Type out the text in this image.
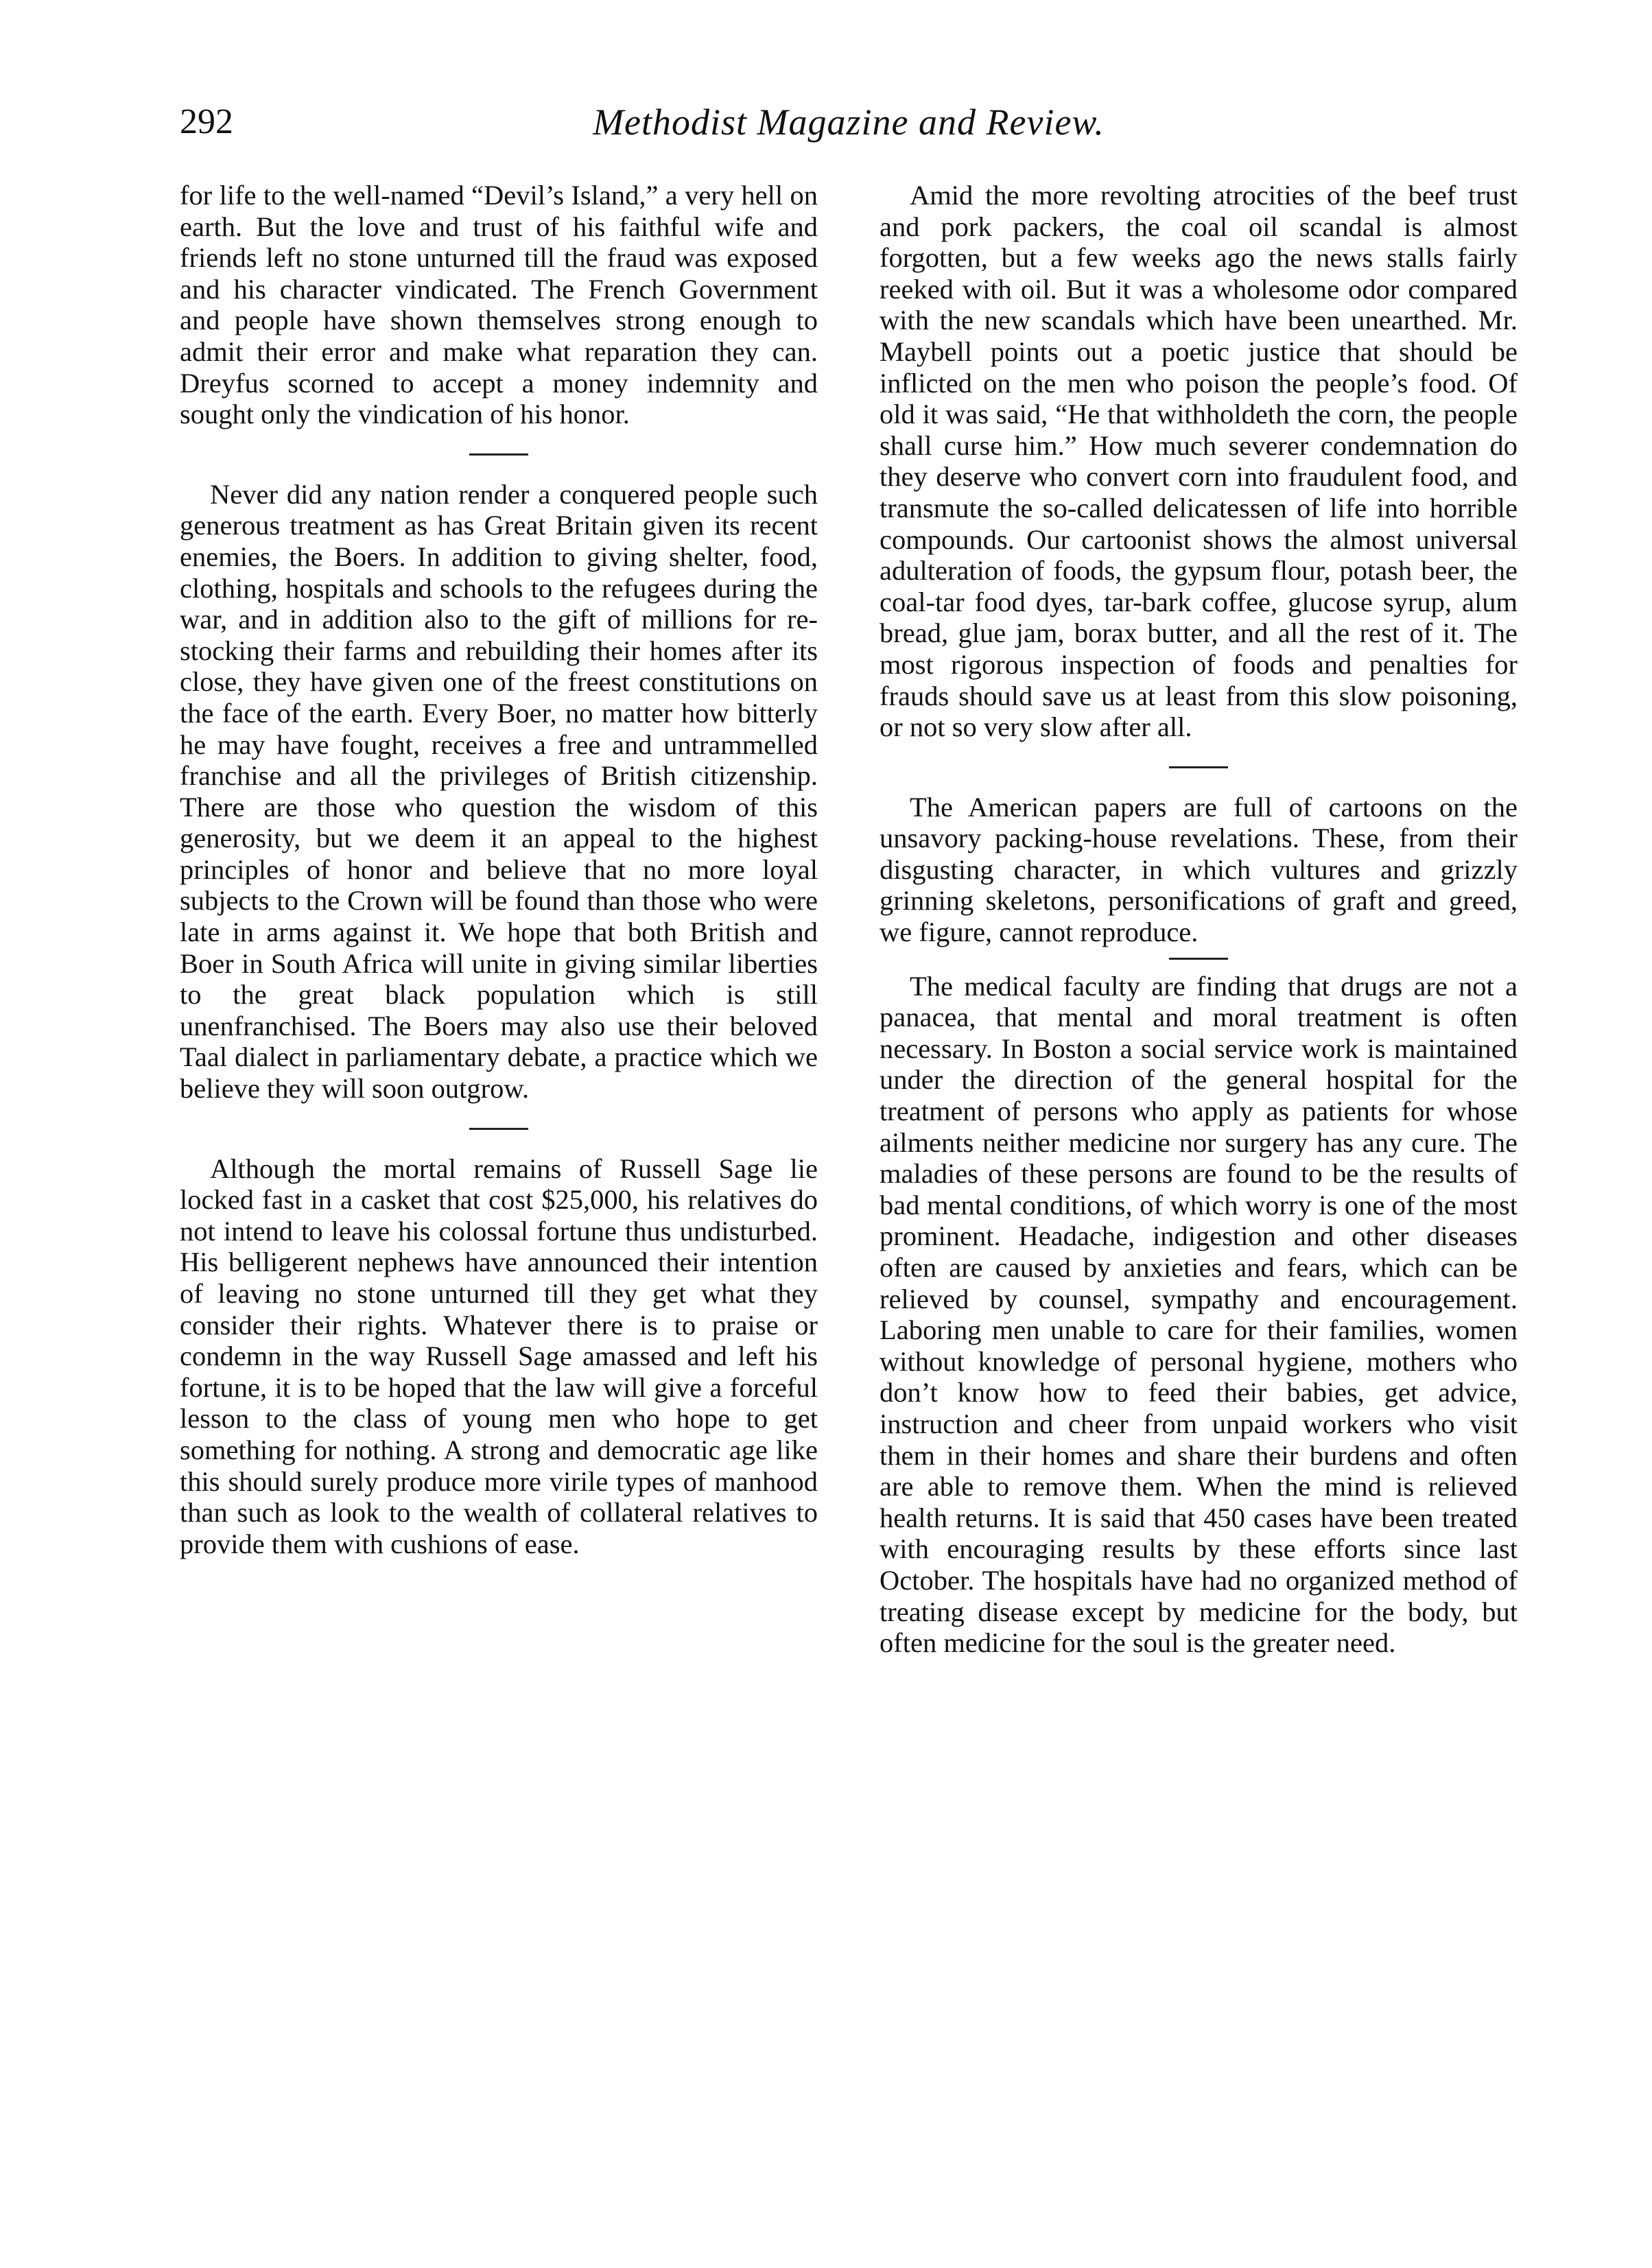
292	Methodist Magazine and Review.

for life to the well-named “Devil’s Island,” a very hell on earth. But the love and trust of his faithful wife and friends left no stone unturned till the fraud was exposed and his character vindicated. The French Government and people have shown themselves strong enough to admit their error and make what reparation they can. Dreyfus scorned to accept a money indemnity and sought only the vindication of his honor.

Never did any nation render a conquered people such generous treatment as has Great Britain given its recent enemies, the Boers. In addition to giving shelter, food, clothing, hospitals and schools to the refugees during the war, and in addition also to the gift of millions for re-stocking their farms and rebuilding their homes after its close, they have given one of the freest constitutions on the face of the earth. Every Boer, no matter how bitterly he may have fought, receives a free and untrammelled franchise and all the privileges of British citizenship. There are those who question the wisdom of this generosity, but we deem it an appeal to the highest principles of honor and believe that no more loyal subjects to the Crown will be found than those who were late in arms against it. We hope that both British and Boer in South Africa will unite in giving similar liberties to the great black population which is still unenfranchised. The Boers may also use their beloved Taal dialect in parliamentary debate, a practice which we believe they will soon outgrow.

Although the mortal remains of Russell Sage lie locked fast in a casket that cost $25,000, his relatives do not intend to leave his colossal fortune thus undisturbed. His belligerent nephews have announced their intention of leaving no stone unturned till they get what they consider their rights. Whatever there is to praise or condemn in the way Russell Sage amassed and left his fortune, it is to be hoped that the law will give a forceful lesson to the class of young men who hope to get something for nothing. A strong and democratic age like this should surely produce more virile types of manhood than such as look to the wealth of collateral relatives to provide them with cushions of ease.

Amid the more revolting atrocities of the beef trust and pork packers, the coal oil scandal is almost forgotten, but a few weeks ago the news stalls fairly reeked with oil. But it was a wholesome odor compared with the new scandals which have been unearthed. Mr. Maybell points out a poetic justice that should be inflicted on the men who poison the people’s food. Of old it was said, “He that withholdeth the corn, the people shall curse him.” How much severer condemnation do they deserve who convert corn into fraudulent food, and transmute the so-called delicatessen of life into horrible compounds. Our cartoonist shows the almost universal adulteration of foods, the gypsum flour, potash beer, the coal-tar food dyes, tar-bark coffee, glucose syrup, alum bread, glue jam, borax butter, and all the rest of it. The most rigorous inspection of foods and penalties for frauds should save us at least from this slow poisoning, or not so very slow after all.

The American papers are full of cartoons on the unsavory packing-house revelations. These, from their disgusting character, in which vultures and grizzly grinning skeletons, personifications of graft and greed, we figure, cannot reproduce.

The medical faculty are finding that drugs are not a panacea, that mental and moral treatment is often necessary. In Boston a social service work is maintained under the direction of the general hospital for the treatment of persons who apply as patients for whose ailments neither medicine nor surgery has any cure. The maladies of these persons are found to be the results of bad mental conditions, of which worry is one of the most prominent. Headache, indigestion and other diseases often are caused by anxieties and fears, which can be relieved by counsel, sympathy and encouragement. Laboring men unable to care for their families, women without knowledge of personal hygiene, mothers who don’t know how to feed their babies, get advice, instruction and cheer from unpaid workers who visit them in their homes and share their burdens and often are able to remove them. When the mind is relieved health returns. It is said that 450 cases have been treated with encouraging results by these efforts since last October. The hospitals have had no organized method of treating disease except by medicine for the body, but often medicine for the soul is the greater need.
